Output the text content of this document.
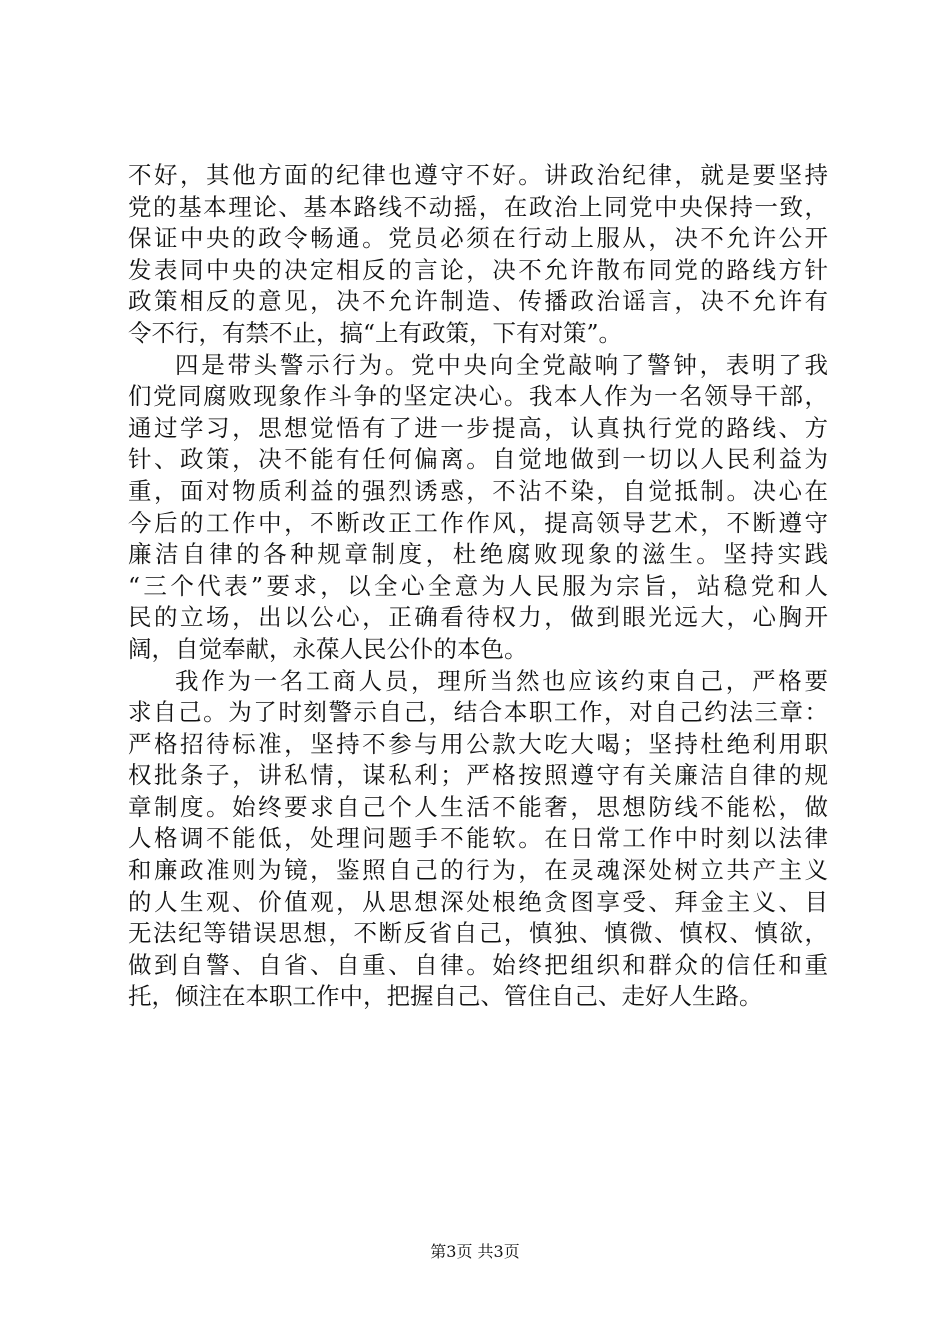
不好，其他方面的纪律也遵守不好。讲政治纪律，就是要坚持
党的基本理论、基本路线不动摇，在政治上同党中央保持一致，
保证中央的政令畅通。党员必须在行动上服从，决不允许公开
发表同中央的决定相反的言论，决不允许散布同党的路线方针
政策相反的意见，决不允许制造、传播政治谣言，决不允许有
令不行，有禁不止，搞“上有政策，下有对策”。
四是带头警示行为。党中央向全党敲响了警钟，表明了我
们党同腐败现象作斗争的坚定决心。我本人作为一名领导干部，
通过学习，思想觉悟有了进一步提高，认真执行党的路线、方
针、政策，决不能有任何偏离。自觉地做到一切以人民利益为
重，面对物质利益的强烈诱惑，不沾不染，自觉抵制。决心在
今后的工作中，不断改正工作作风，提高领导艺术，不断遵守
廉洁自律的各种规章制度，杜绝腐败现象的滋生。坚持实践
“三个代表”要求，以全心全意为人民服为宗旨，站稳党和人
民的立场，出以公心，正确看待权力，做到眼光远大，心胸开
阔，自觉奉献，永葆人民公仆的本色。
我作为一名工商人员，理所当然也应该约束自己，严格要
求自己。为了时刻警示自己，结合本职工作，对自己约法三章：
严格招待标准，坚持不参与用公款大吃大喝；坚持杜绝利用职
权批条子，讲私情，谋私利；严格按照遵守有关廉洁自律的规
章制度。始终要求自己个人生活不能奢，思想防线不能松，做
人格调不能低，处理问题手不能软。在日常工作中时刻以法律
和廉政准则为镜，鉴照自己的行为，在灵魂深处树立共产主义
的人生观、价值观，从思想深处根绝贪图享受、拜金主义、目
无法纪等错误思想，不断反省自己，慎独、慎微、慎权、慎欲，
做到自警、自省、自重、自律。始终把组织和群众的信任和重
托，倾注在本职工作中，把握自己、管住自己、走好人生路。
第3页 共3页
